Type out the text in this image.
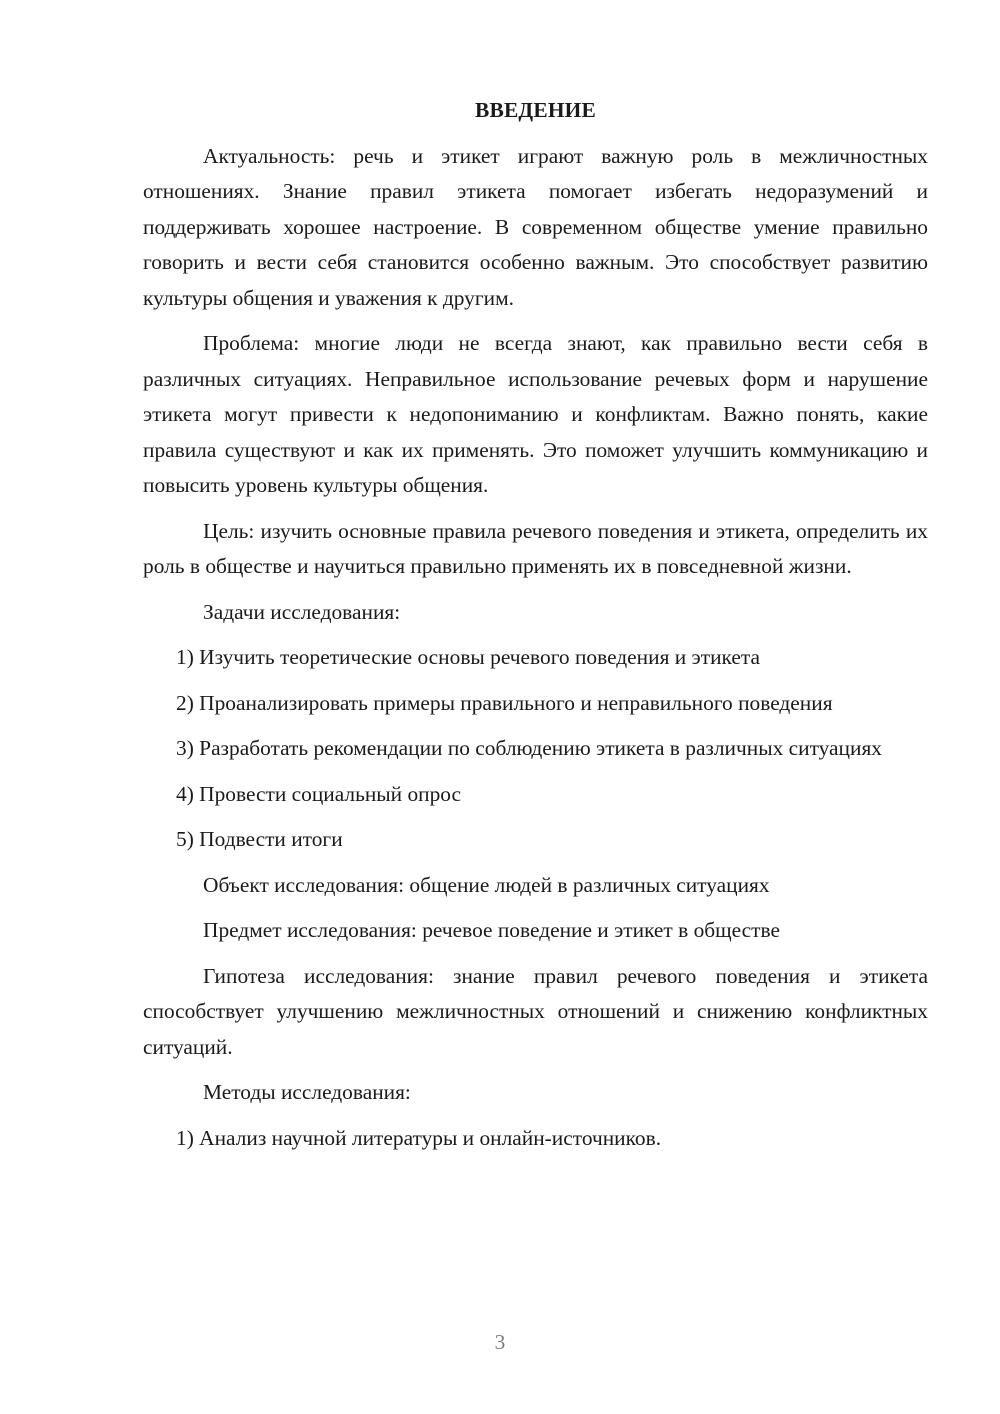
ВВЕДЕНИЕ

Актуальность: речь и этикет играют важную роль в межличностных отношениях. Знание правил этикета помогает избегать недоразумений и поддерживать хорошее настроение. В современном обществе умение правильно говорить и вести себя становится особенно важным. Это способствует развитию культуры общения и уважения к другим.

Проблема: многие люди не всегда знают, как правильно вести себя в различных ситуациях. Неправильное использование речевых форм и нарушение этикета могут привести к недопониманию и конфликтам. Важно понять, какие правила существуют и как их применять. Это поможет улучшить коммуникацию и повысить уровень культуры общения.

Цель: изучить основные правила речевого поведения и этикета, определить их роль в обществе и научиться правильно применять их в повседневной жизни.

Задачи исследования:

1) Изучить теоретические основы речевого поведения и этикета

2) Проанализировать примеры правильного и неправильного поведения

3) Разработать рекомендации по соблюдению этикета в различных ситуациях

4) Провести социальный опрос

5) Подвести итоги

Объект исследования: общение людей в различных ситуациях

Предмет исследования: речевое поведение и этикет в обществе

Гипотеза исследования: знание правил речевого поведения и этикета способствует улучшению межличностных отношений и снижению конфликтных ситуаций.

Методы исследования:

1) Анализ научной литературы и онлайн-источников.

3
